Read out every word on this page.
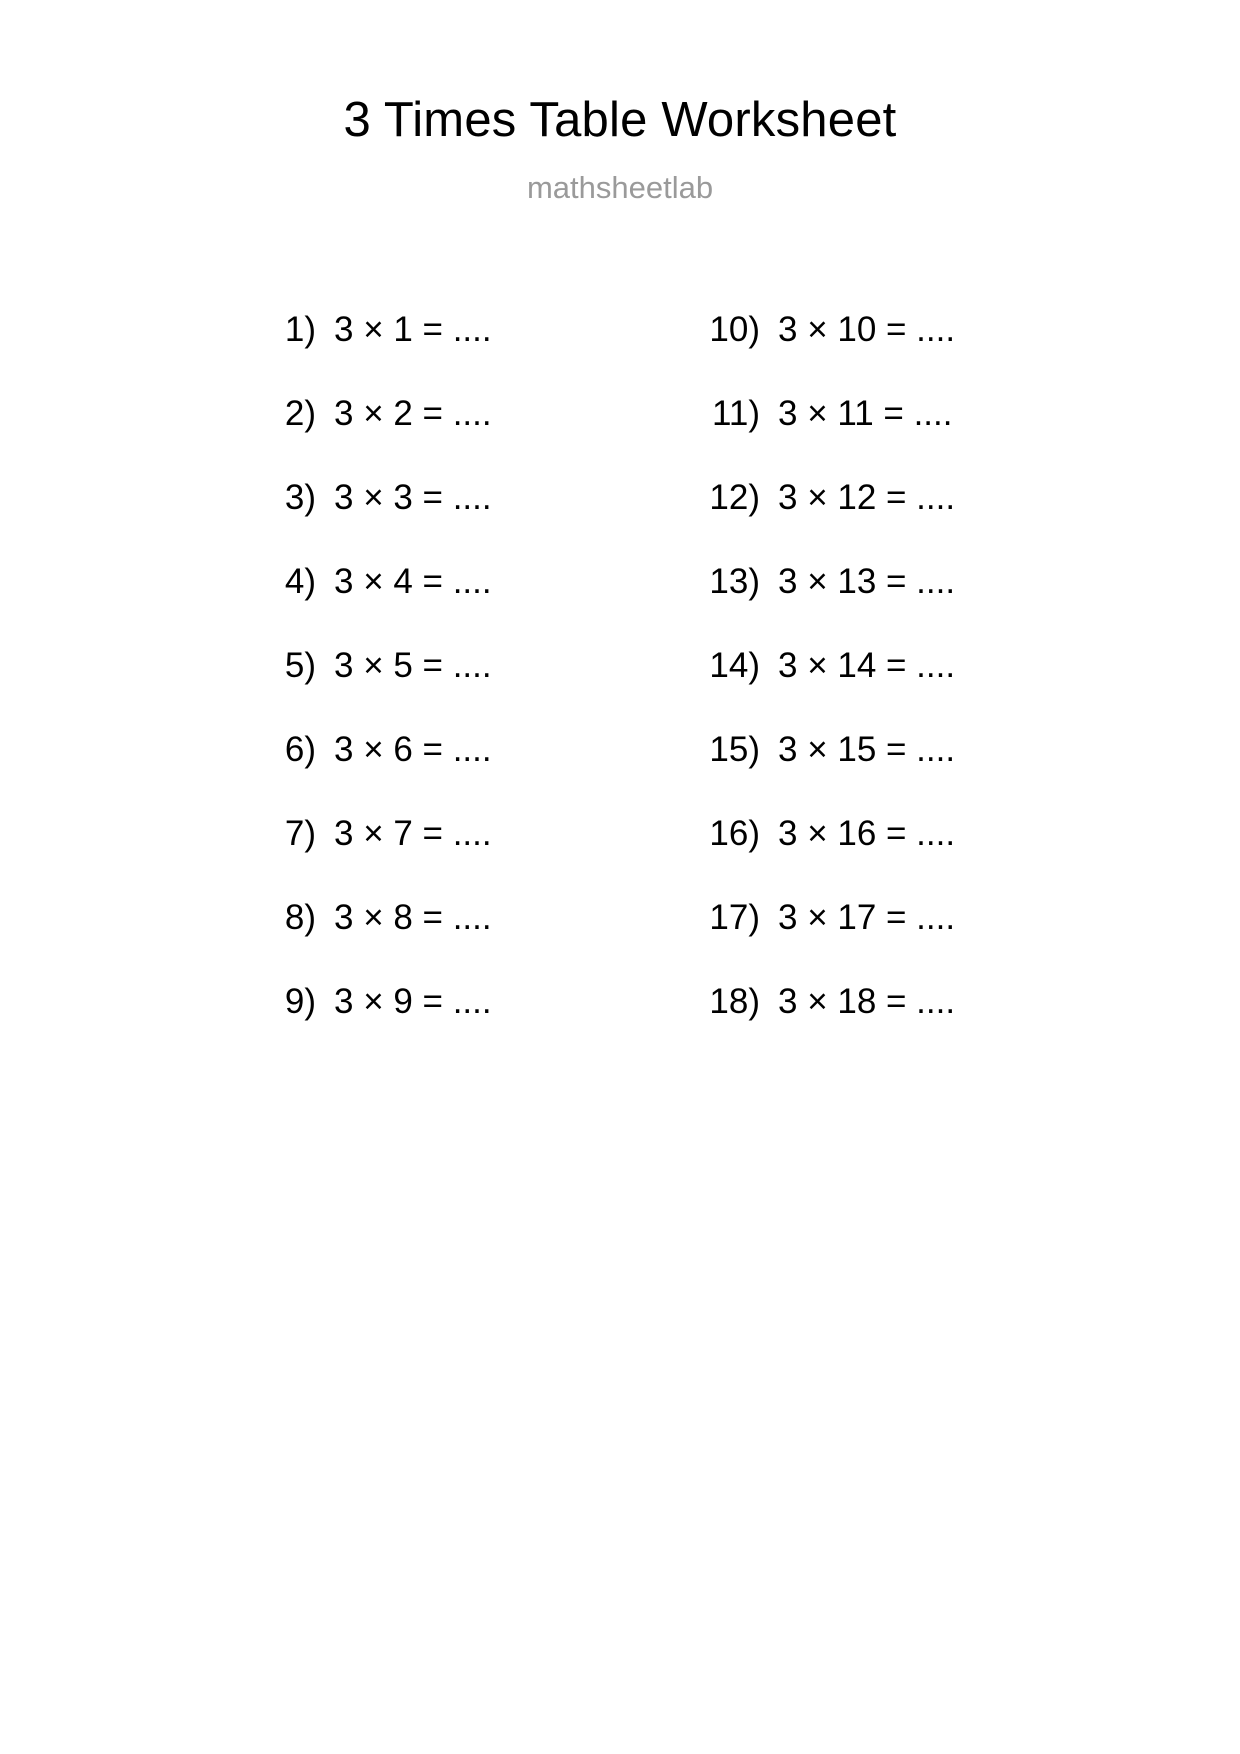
3 Times Table Worksheet
mathsheetlab
1) 3 × 1 = ....
2) 3 × 2 = ....
3) 3 × 3 = ....
4) 3 × 4 = ....
5) 3 × 5 = ....
6) 3 × 6 = ....
7) 3 × 7 = ....
8) 3 × 8 = ....
9) 3 × 9 = ....
10) 3 × 10 = ....
11) 3 × 11 = ....
12) 3 × 12 = ....
13) 3 × 13 = ....
14) 3 × 14 = ....
15) 3 × 15 = ....
16) 3 × 16 = ....
17) 3 × 17 = ....
18) 3 × 18 = ....
